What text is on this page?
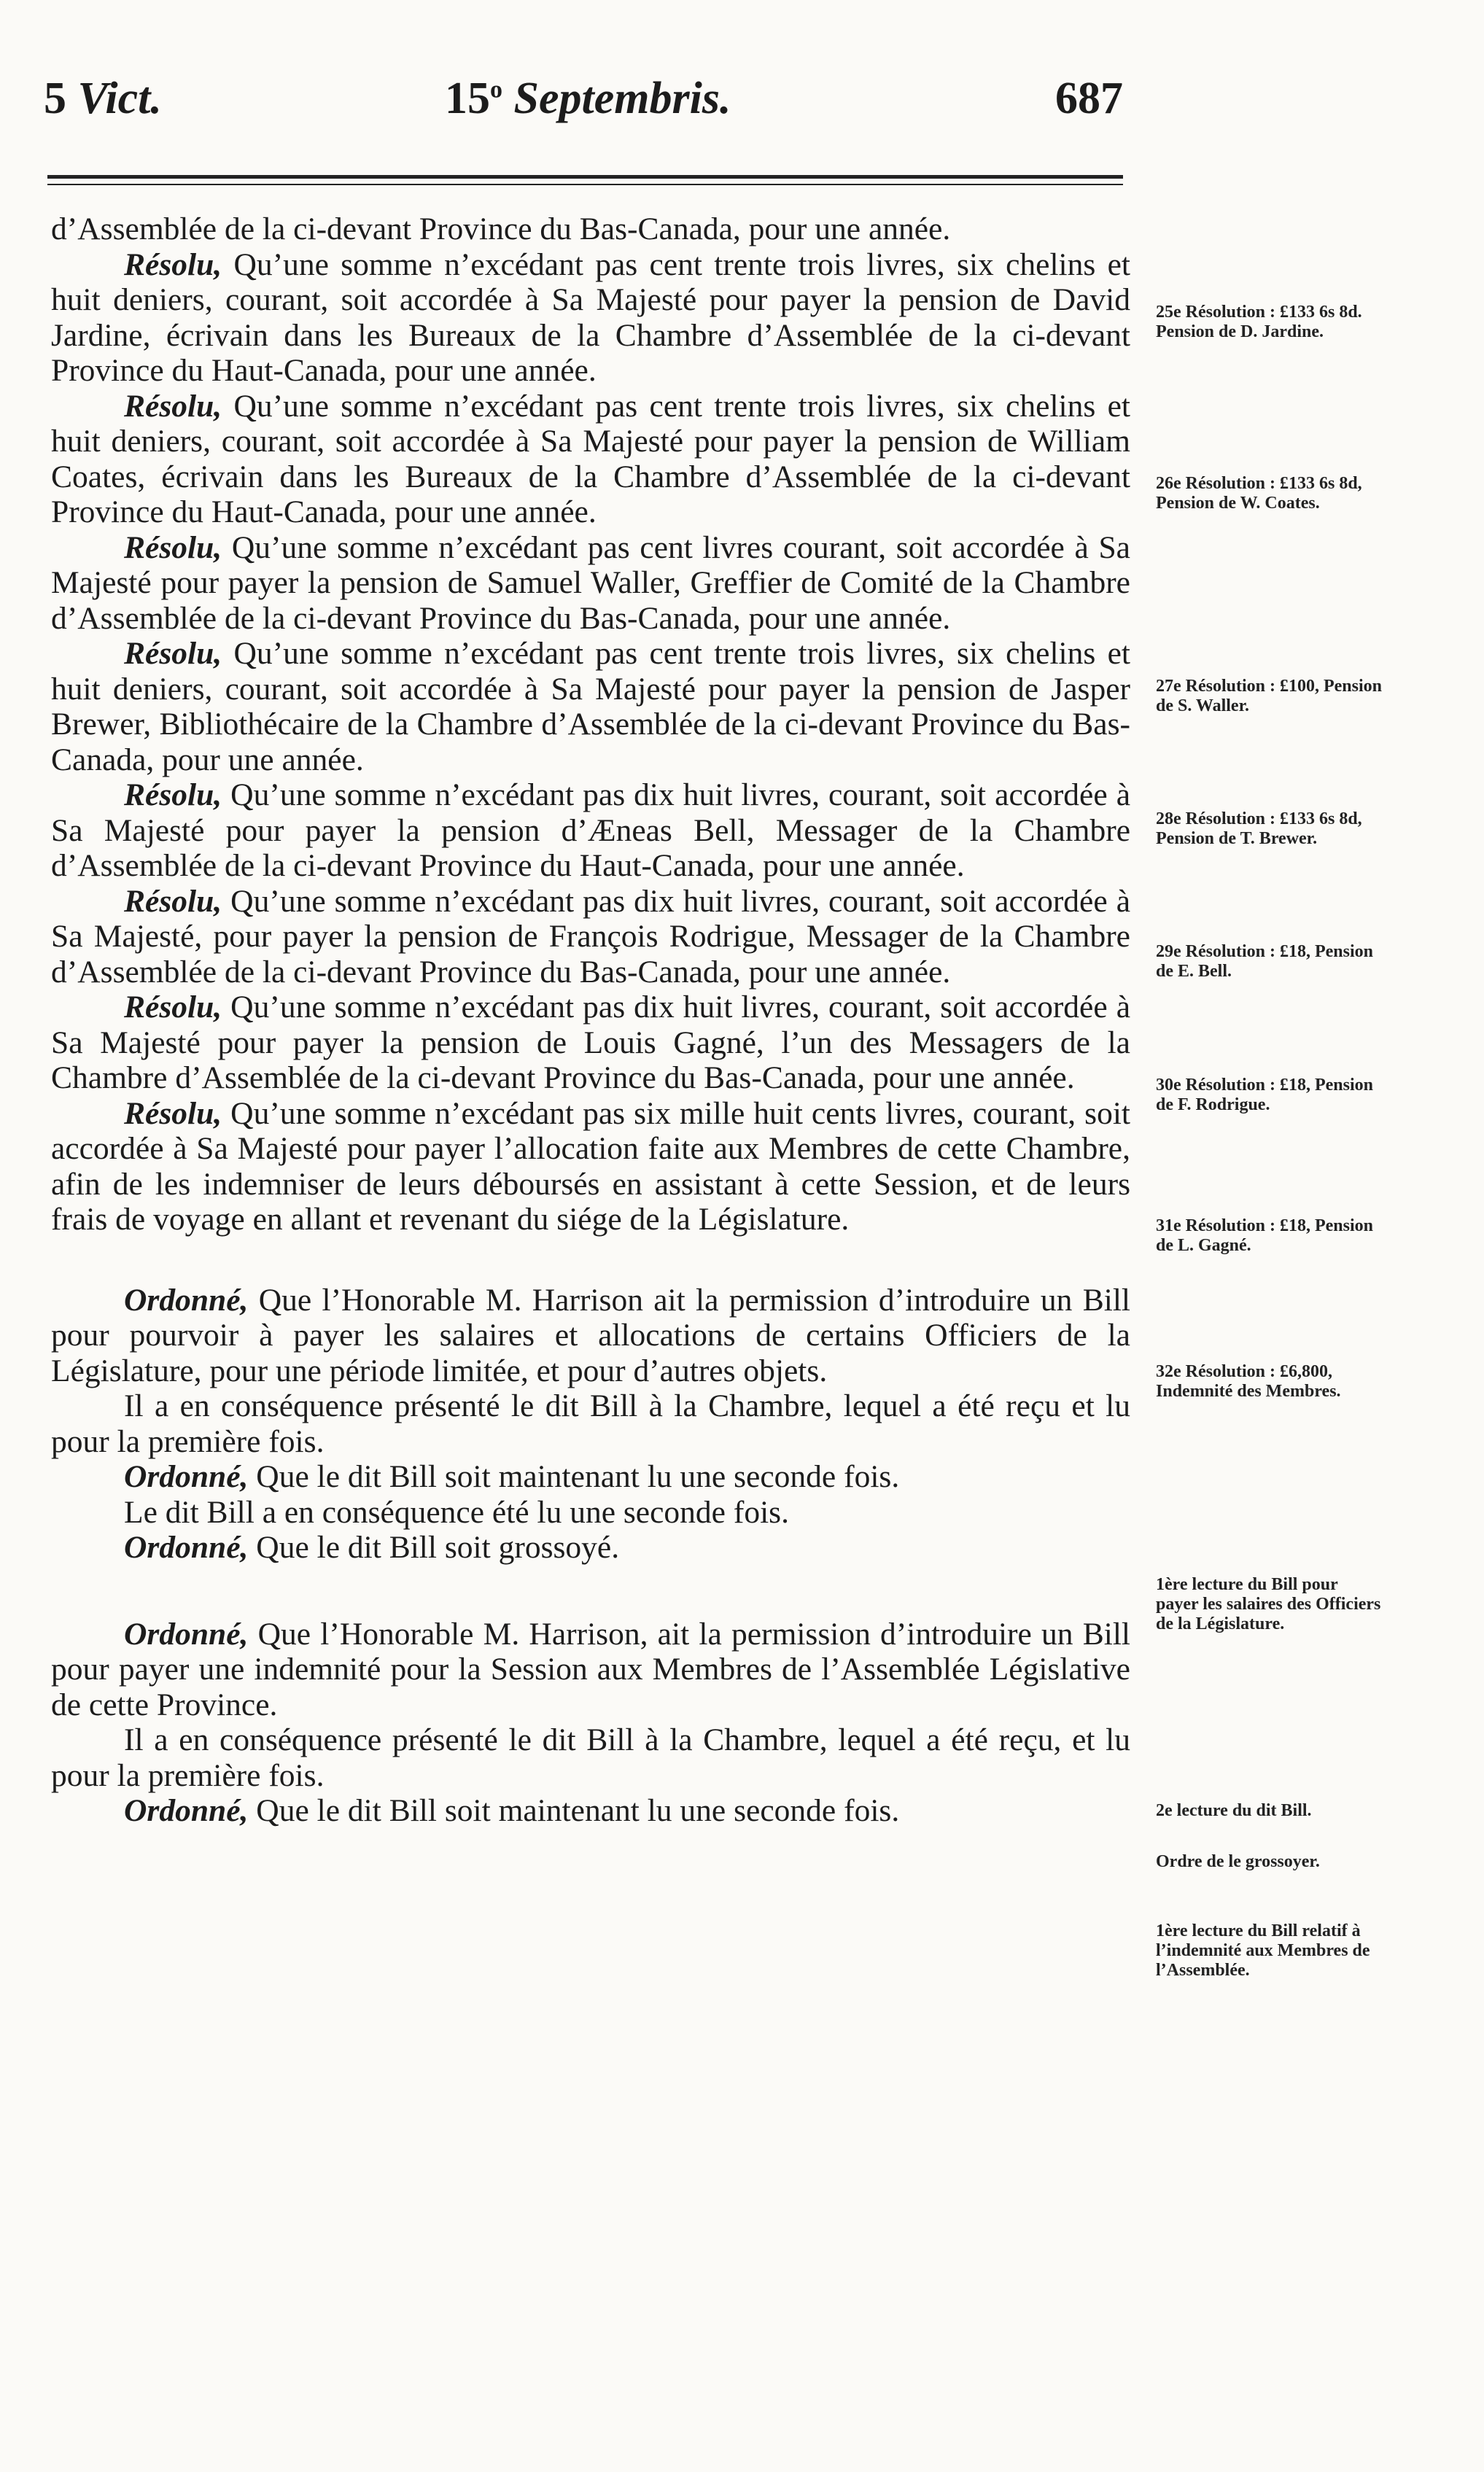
5 Vict.	15$^o$ Septembris.	687

d’Assemblée de la ci-devant Province du Bas-Canada, pour une année.

Résolu, Qu’une somme n’excédant pas cent trente trois livres, six chelins et huit deniers, courant, soit accordée à Sa Majesté pour payer la pension de David Jardine, écrivain dans les Bureaux de la Chambre d’Assemblée de la ci-devant Province du Haut-Canada, pour une année.

Résolu, Qu’une somme n’excédant pas cent trente trois livres, six chelins et huit deniers, courant, soit accordée à Sa Majesté pour payer la pension de William Coates, écrivain dans les Bureaux de la Chambre d’Assemblée de la ci-devant Province du Haut-Canada, pour une année.

Résolu, Qu’une somme n’excédant pas cent livres courant, soit accordée à Sa Majesté pour payer la pension de Samuel Waller, Greffier de Comité de la Chambre d’Assemblée de la ci-devant Province du Bas-Canada, pour une année.

Résolu, Qu’une somme n’excédant pas cent trente trois livres, six chelins et huit deniers, courant, soit accordée à Sa Majesté pour payer la pension de Jasper Brewer, Bibliothécaire de la Chambre d’Assemblée de la ci-devant Province du Bas-Canada, pour une année.

Résolu, Qu’une somme n’excédant pas dix huit livres, courant, soit accordée à Sa Majesté pour payer la pension d’Æneas Bell, Messager de la Chambre d’Assemblée de la ci-devant Province du Haut-Canada, pour une année.

Résolu, Qu’une somme n’excédant pas dix huit livres, courant, soit accordée à Sa Majesté, pour payer la pension de François Rodrigue, Messager de la Chambre d’Assemblée de la ci-devant Province du Bas-Canada, pour une année.

Résolu, Qu’une somme n’excédant pas dix huit livres, courant, soit accordée à Sa Majesté pour payer la pension de Louis Gagné, l’un des Messagers de la Chambre d’Assemblée de la ci-devant Province du Bas-Canada, pour une année.

Résolu, Qu’une somme n’excédant pas six mille huit cents livres, courant, soit accordée à Sa Majesté pour payer l’allocation faite aux Membres de cette Chambre, afin de les indemniser de leurs déboursés en assistant à cette Session, et de leurs frais de voyage en allant et revenant du siége de la Législature.

Ordonné, Que l’Honorable M. Harrison ait la permission d’introduire un Bill pour pourvoir à payer les salaires et allocations de certains Officiers de la Législature, pour une période limitée, et pour d’autres objets.

Il a en conséquence présenté le dit Bill à la Chambre, lequel a été reçu et lu pour la première fois.

Ordonné, Que le dit Bill soit maintenant lu une seconde fois.

Le dit Bill a en conséquence été lu une seconde fois.

Ordonné, Que le dit Bill soit grossoyé.

Ordonné, Que l’Honorable M. Harrison, ait la permission d’introduire un Bill pour payer une indemnité pour la Session aux Membres de l’Assemblée Législative de cette Province.

Il a en conséquence présenté le dit Bill à la Chambre, lequel a été reçu, et lu pour la première fois.

Ordonné, Que le dit Bill soit maintenant lu une seconde fois.

25e Résolution : £133 6s 8d. Pension de D. Jardine.
26e Résolution : £133 6s 8d, Pension de W. Coates.
27e Résolution : £100, Pension de S. Waller.
28e Résolution : £133 6s 8d, Pension de T. Brewer.
29e Résolution : £18, Pension de E. Bell.
30e Résolution : £18, Pension de F. Rodrigue.
31e Résolution : £18, Pension de L. Gagné.
32e Résolution : £6,800, Indemnité des Membres.
1ère lecture du Bill pour payer les salaires des Officiers de la Législature.
2e lecture du dit Bill.
Ordre de le grossoyer.
1ère lecture du Bill relatif à l’indemnité aux Membres de l’Assemblée.
